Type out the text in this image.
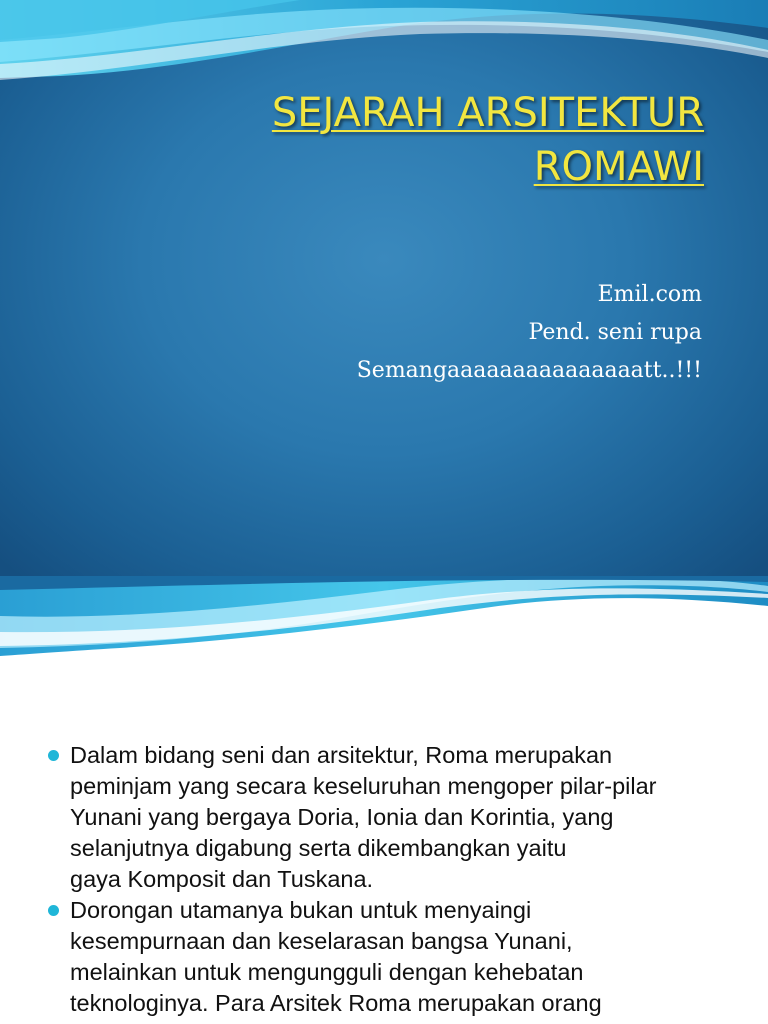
SEJARAH ARSITEKTUR
ROMAWI
Emil.com
Pend. seni rupa
Semangaaaaaaaaaaaaaaatt..!!!
Dalam bidang seni dan arsitektur, Roma merupakan
peminjam yang secara keseluruhan mengoper pilar-pilar
Yunani yang bergaya Doria, Ionia dan Korintia, yang
selanjutnya digabung serta dikembangkan yaitu
gaya Komposit dan Tuskana.
Dorongan utamanya bukan untuk menyaingi
kesempurnaan dan keselarasan bangsa Yunani,
melainkan untuk mengungguli dengan kehebatan
teknologinya. Para Arsitek Roma merupakan orang
